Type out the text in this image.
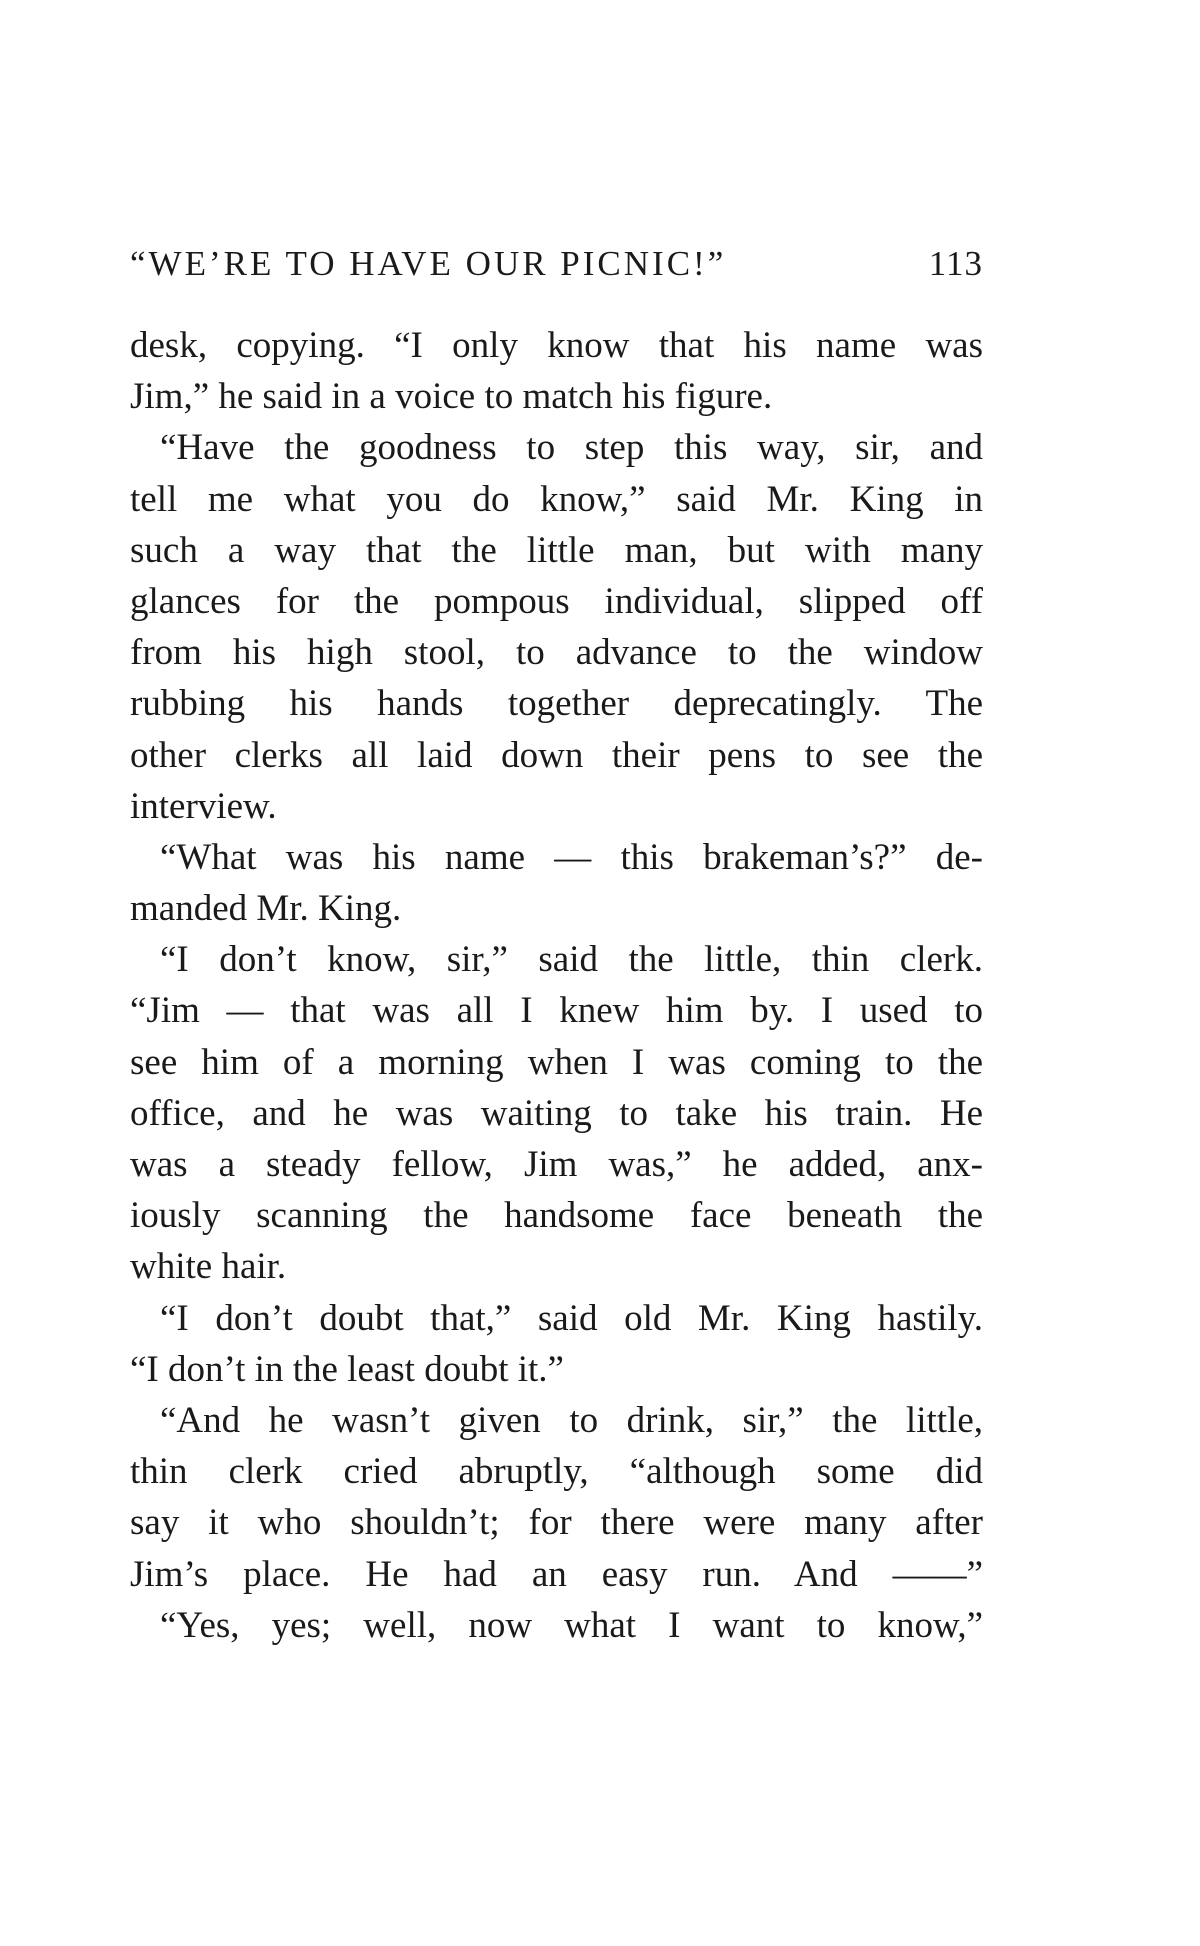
“WE’RE TO HAVE OUR PICNIC!”	113
desk, copying. “I only know that his name was
Jim,” he said in a voice to match his figure.
“Have the goodness to step this way, sir, and
tell me what you do know,” said Mr. King in
such a way that the little man, but with many
glances for the pompous individual, slipped off
from his high stool, to advance to the window
rubbing his hands together deprecatingly. The
other clerks all laid down their pens to see the
interview.
“What was his name — this brakeman’s?” de-
manded Mr. King.
“I don’t know, sir,” said the little, thin clerk.
“Jim — that was all I knew him by. I used to
see him of a morning when I was coming to the
office, and he was waiting to take his train. He
was a steady fellow, Jim was,” he added, anx-
iously scanning the handsome face beneath the
white hair.
“I don’t doubt that,” said old Mr. King hastily.
“I don’t in the least doubt it.”
“And he wasn’t given to drink, sir,” the little,
thin clerk cried abruptly, “although some did
say it who shouldn’t; for there were many after
Jim’s place. He had an easy run. And ——”
“Yes, yes; well, now what I want to know,”
